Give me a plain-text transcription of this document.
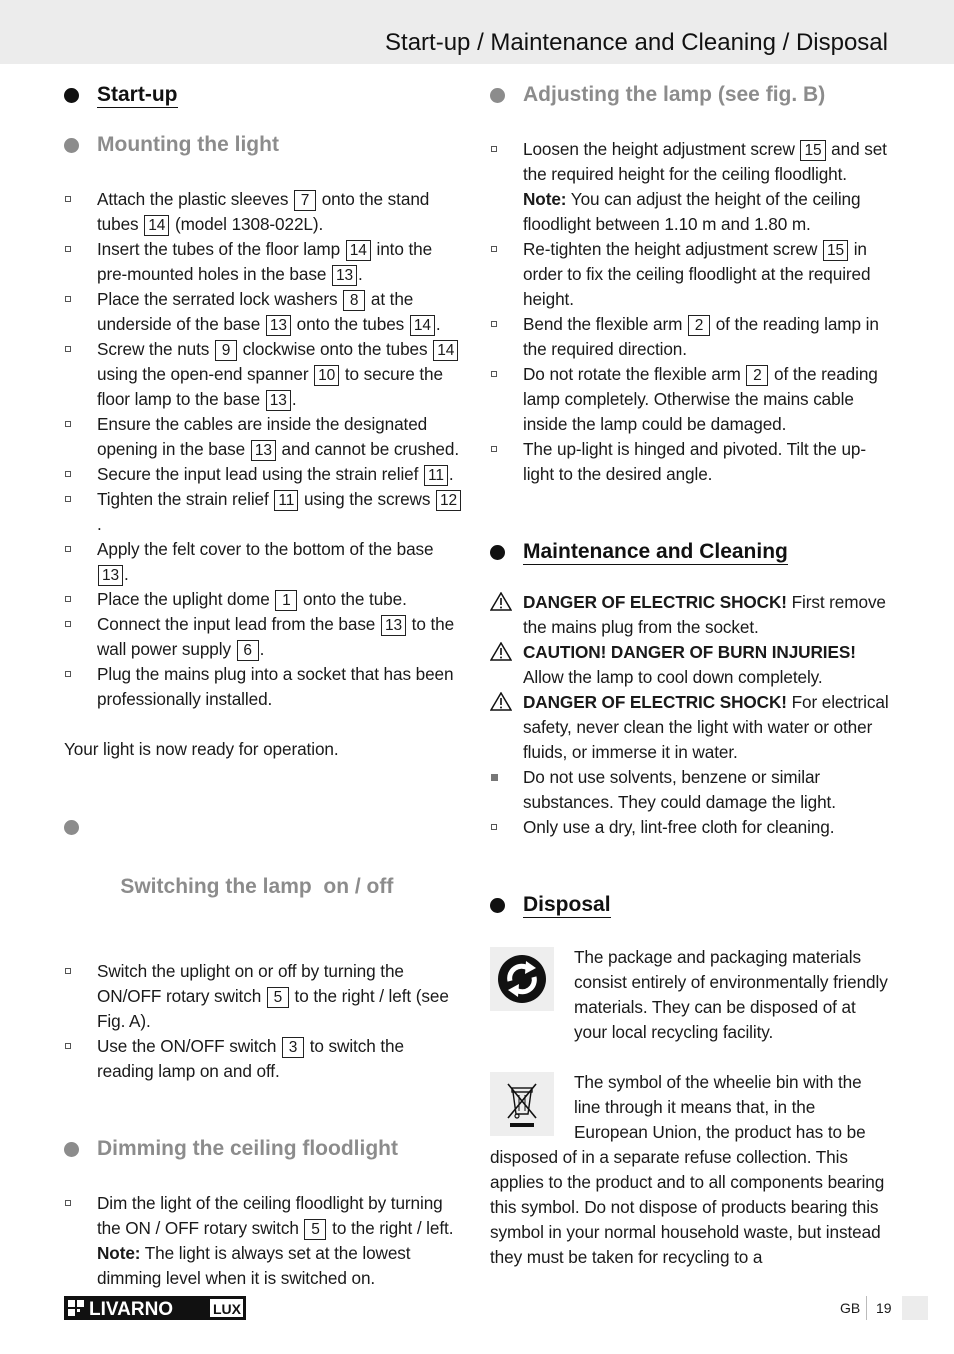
Start-up / Maintenance and Cleaning / Disposal
Start-up
Mounting the light
Attach the plastic sleeves 7 onto the stand tubes 14 (model 1308-022L).
Insert the tubes of the floor lamp 14 into the pre-mounted holes in the base 13 .
Place the serrated lock washers 8 at the underside of the base 13 onto the tubes 14 .
Screw the nuts 9 clockwise onto the tubes 14 using the open-end spanner 10 to secure the floor lamp to the base 13 .
Ensure the cables are inside the designated opening in the base 13 and cannot be crushed.
Secure the input lead using the strain relief 11 .
Tighten the strain relief 11 using the screws 12.
Apply the felt cover to the bottom of the base 13 .
Place the uplight dome 1 onto the tube.
Connect the input lead from the base 13 to the wall power supply 6 .
Plug the mains plug into a socket that has been professionally installed.
Your light is now ready for operation.

Switching the lamp  on / off

Switch the uplight on or off by turning the ON/OFF rotary switch 5 to the right / left (see Fig. A).
Use the ON/OFF switch 3 to switch the reading lamp on and off.
Dimming the ceiling floodlight
Dim the light of the ceiling floodlight by turning the ON / OFF rotary switch 5 to the right / left.
Note: The light is always set at the lowest dimming level when it is switched on.
Adjusting the lamp (see fig. B)
Loosen the height adjustment screw 15 and set the required height for the ceiling floodlight.
Note: You can adjust the height of the ceiling floodlight between 1.10 m and 1.80 m.
Re-tighten the height adjustment screw 15 in order to fix the ceiling floodlight at the required height.
Bend the flexible arm 2 of the reading lamp in the required direction.
Do not rotate the flexible arm 2 of the reading lamp completely. Otherwise the mains cable inside the lamp could be damaged.
The up-light is hinged and pivoted. Tilt the up-light to the desired angle.
Maintenance and Cleaning
DANGER OF ELECTRIC SHOCK! First remove the mains plug from the socket.
CAUTION! DANGER OF BURN INJURIES! Allow the lamp to cool down completely.
DANGER OF ELECTRIC SHOCK! For electrical safety, never clean the light with water or other fluids, or immerse it in water.
Do not use solvents, benzene or similar substances. They could damage the light.
Only use a dry, lint-free cloth for cleaning.
Disposal
The package and packaging materials consist entirely of environmentally friendly materials. They can be disposed of at your local recycling facility.
The symbol of the wheelie bin with the line through it means that, in the European Union, the product has to be disposed of in a separate refuse collection. This applies to the product and to all components bearing this symbol. Do not dispose of products bearing this symbol in your normal household waste, but instead they must be taken for recycling to a
LIVARNO	LUX	GB 19
